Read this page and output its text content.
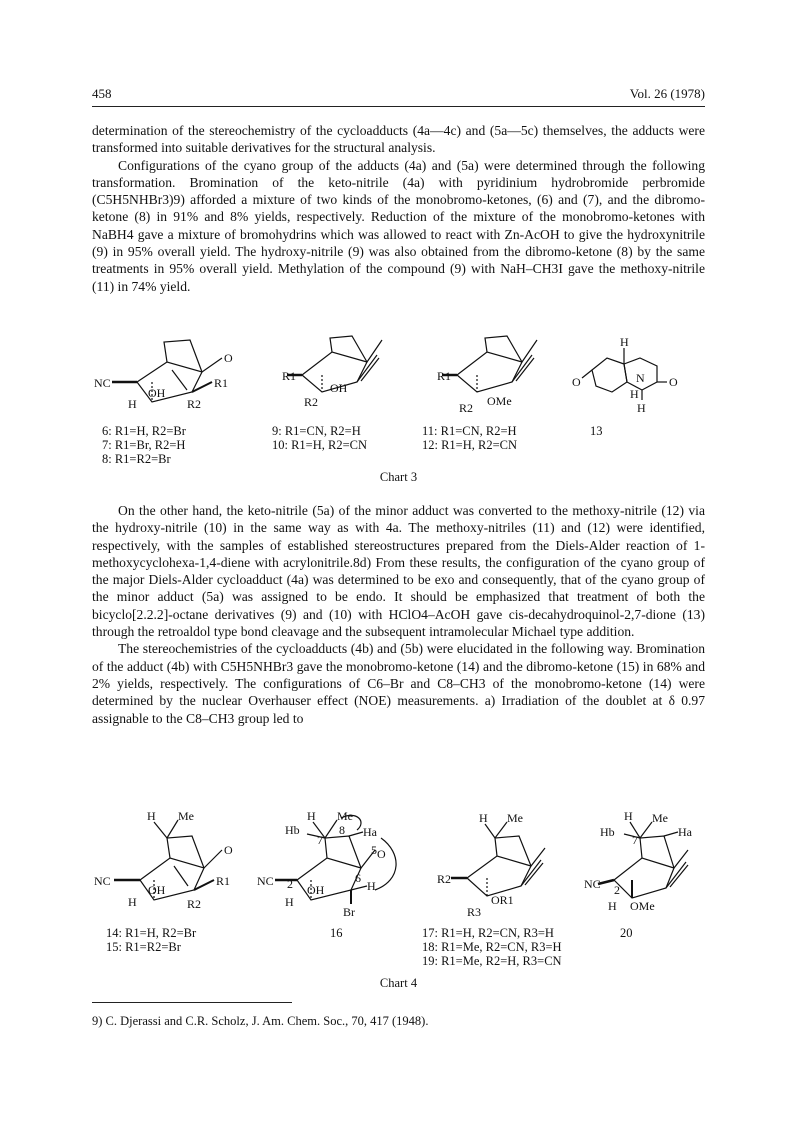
458	Vol. 26 (1978)

determination of the stereochemistry of the cycloadducts (4a—4c) and (5a—5c) themselves, the adducts were transformed into suitable derivatives for the structural analysis.

Configurations of the cyano group of the adducts (4a) and (5a) were determined through the following transformation. Bromination of the keto-nitrile (4a) with pyridinium hydrobromide perbromide (C5H5NHBr3)9) afforded a mixture of two kinds of the monobromo-ketones, (6) and (7), and the dibromo-ketone (8) in 91% and 8% yields, respectively. Reduction of the mixture of the monobromo-ketones with NaBH4 gave a mixture of bromohydrins which was allowed to react with Zn-AcOH to give the hydroxynitrile (9) in 95% overall yield. The hydroxy-nitrile (9) was also obtained from the dibromo-ketone (8) by the same treatments in 95% overall yield. Methylation of the compound (9) with NaH–CH3I gave the methoxy-nitrile (11) in 74% yield.

NC
OH
H
O
R1
R2
6: R1=H, R2=Br
7: R1=Br, R2=H
8: R1=R2=Br
R1
OH
R2
9: R1=CN, R2=H
10: R1=H, R2=CN
R1
OMe
R2
11: R1=CN, R2=H
12: R1=H, R2=CN
H
O	N O
H
H
13
Chart 3

On the other hand, the keto-nitrile (5a) of the minor adduct was converted to the methoxy-nitrile (12) via the hydroxy-nitrile (10) in the same way as with 4a. The methoxy-nitriles (11) and (12) were identified, respectively, with the samples of established stereostructures prepared from the Diels-Alder reaction of 1-methoxycyclohexa-1,4-diene with acrylonitrile.8d) From these results, the configuration of the cyano group of the major Diels-Alder cycloadduct (4a) was determined to be exo and consequently, that of the cyano group of the minor adduct (5a) was assigned to be endo. It should be emphasized that treatment of both the bicyclo[2.2.2]-octane derivatives (9) and (10) with HClO4–AcOH gave cis-decahydroquinol-2,7-dione (13) through the retroaldol type bond cleavage and the subsequent intramolecular Michael type addition.

The stereochemistries of the cycloadducts (4b) and (5b) were elucidated in the following way. Bromination of the adduct (4b) with C5H5NHBr3 gave the monobromo-ketone (14) and the dibromo-ketone (15) in 68% and 2% yields, respectively. The configurations of C6–Br and C8–CH3 of the monobromo-ketone (14) were determined by the nuclear Overhauser effect (NOE) measurements. a) Irradiation of the doublet at δ 0.97 assignable to the C8–CH3 group led to

H Me
NC
OH
H
O
R1
R2
14: R1=H, R2=Br
15: R1=R2=Br
H Me
Hb
7
8 Ha
5 O
6
H
NC 2 OH
H
Br
16
H Me
R2
OR1
R3
17: R1=H, R2=CN, R3=H
18: R1=Me, R2=CN, R3=H
19: R1=Me, R2=H, R3=CN
H Me
Hb
7
Ha
NC 2
H OMe
20
Chart 4
9) C. Djerassi and C.R. Scholz, J. Am. Chem. Soc., 70, 417 (1948).
